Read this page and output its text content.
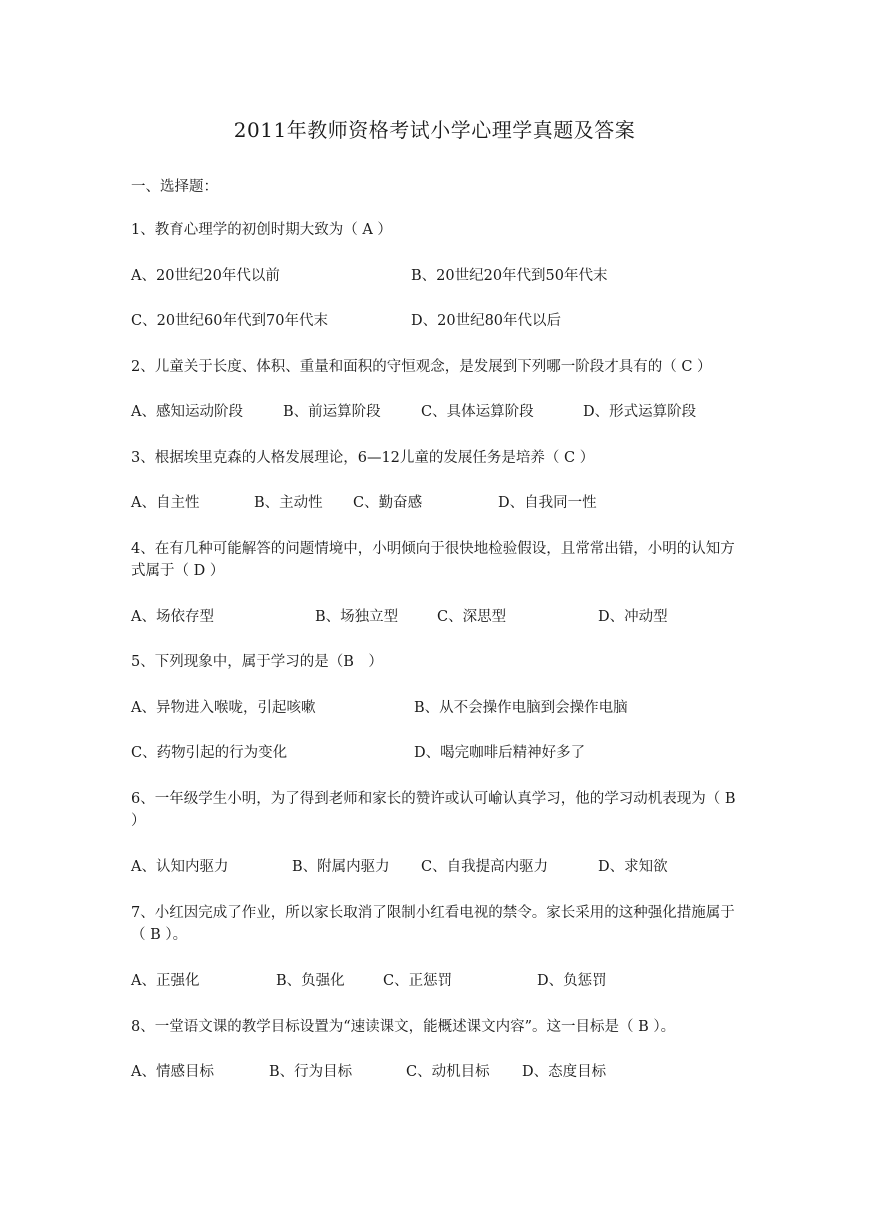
2011年教师资格考试小学心理学真题及答案
一、选择题：
1、教育心理学的初创时期大致为（ A ）
A、20世纪20年代以前	B、20世纪20年代到50年代末
C、20世纪60年代到70年代末	D、20世纪80年代以后
2、儿童关于长度、体积、重量和面积的守恒观念，是发展到下列哪一阶段才具有的（ C ）
A、感知运动阶段	B、前运算阶段	C、具体运算阶段	D、形式运算阶段
3、根据埃里克森的人格发展理论，6—12儿童的发展任务是培养（ C ）
A、自主性	B、主动性 C、勤奋感	D、自我同一性
4、在有几种可能解答的问题情境中，小明倾向于很快地检验假设，且常常出错，小明的认知方式属于（ D ）
A、场依存型	B、场独立型	C、深思型	D、冲动型
5、下列现象中，属于学习的是（B　）
A、异物进入喉咙，引起咳嗽	B、从不会操作电脑到会操作电脑
C、药物引起的行为变化	D、喝完咖啡后精神好多了
6、一年级学生小明，为了得到老师和家长的赞许或认可崳认真学习，他的学习动机表现为（ B ）
A、认知内驱力	B、附属内驱力 C、自我提高内驱力	D、求知欲
7、小红因完成了作业，所以家长取消了限制小红看电视的禁令。家长采用的这种强化措施属于（ B ）。
A、正强化	B、负强化	C、正惩罚	D、负惩罚
8、一堂语文课的教学目标设置为“速读课文，能概述课文内容”。这一目标是（ B ）。
A、情感目标	B、行为目标	C、动机目标 D、态度目标
